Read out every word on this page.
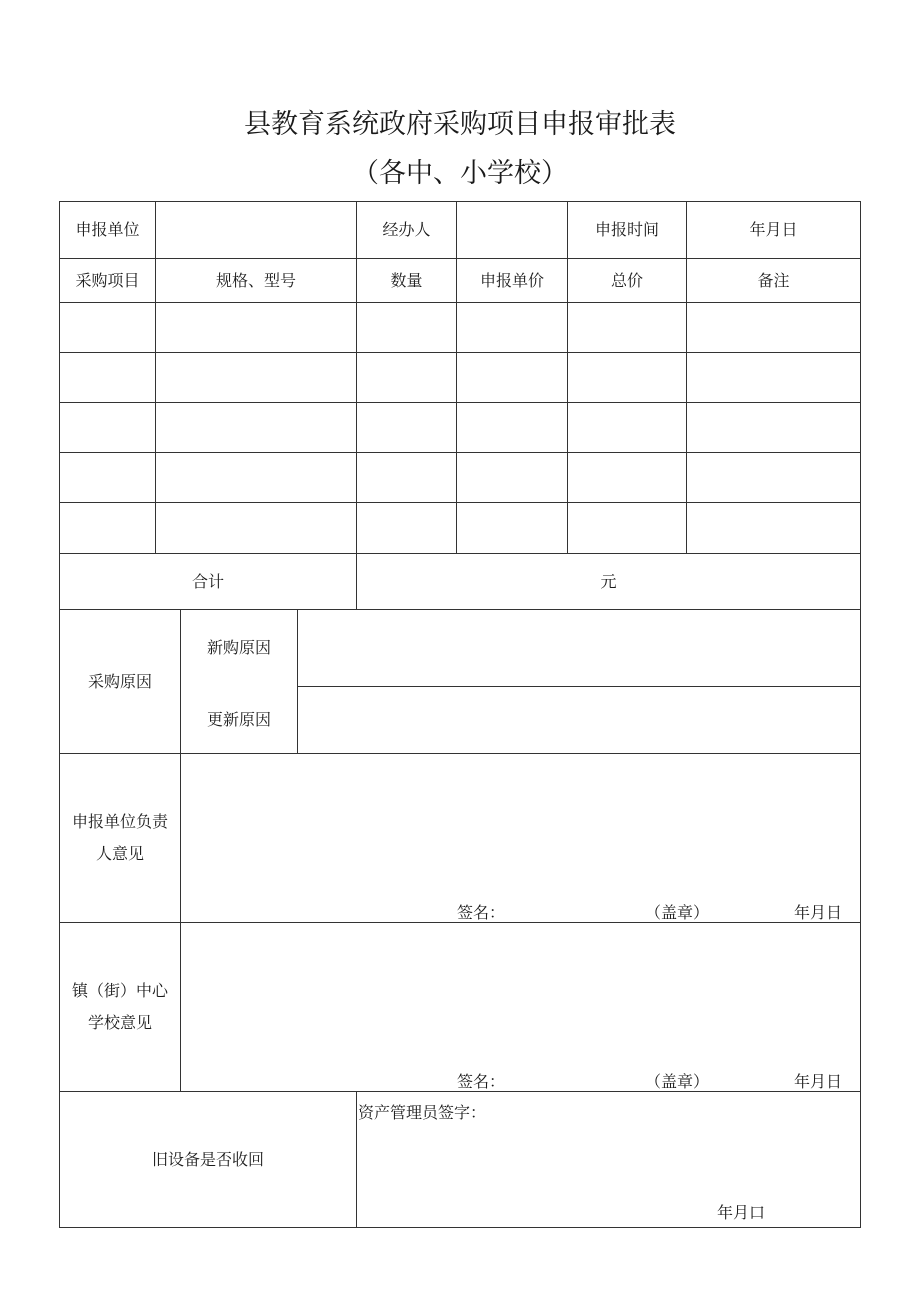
县教育系统政府采购项目申报审批表
（各中、小学校）
申报单位	经办人	申报时间	年月日
采购项目	规格、型号	数量	申报单价	总价	备注
合计	元
采购原因
新购原因
更新原因
申报单位负责
人意见
签名：	（盖章）	年月日
镇（街）中心
学校意见
签名：	（盖章）	年月日
旧设备是否收回
资产管理员签字：
年月口
